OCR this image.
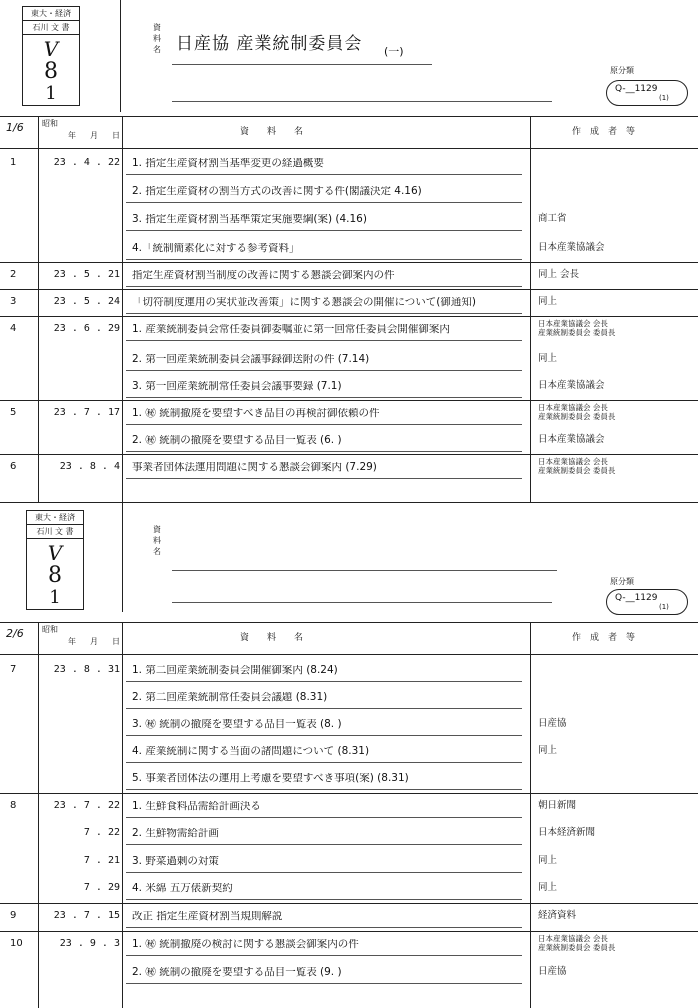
東大・経済
石川 文 書
V
8
1
資料名 日産協 産業統制委員会 (一)
原分類
Q-__1129
(1)
1/6 昭和
年 月 日	資　　料　　名	作　成　者　等
1	23 . 4 . 22 1. 指定生産資材割当基準変更の経過概要
2. 指定生産資材の割当方式の改善に関する件(閣議決定 4.16)
3. 指定生産資材割当基準策定実施要綱(案) (4.16)	商工省
4.「統制簡素化に対する参考資料」	日本産業協議会
2	23 . 5 . 21 指定生産資材割当制度の改善に関する懇談会御案内の件	同上 会長
3	23 . 5 . 24 「切符制度運用の実状並改善策」に関する懇談会の開催について(御通知)	同上
4	23 . 6 . 29 1. 産業統制委員会常任委員御委嘱並に第一回常任委員会開催御案内	日本産業協議会 会長
産業統制委員会 委員長
2. 第一回産業統制委員会議事録御送附の件 (7.14)	同上
3. 第一回産業統制常任委員会議事要録 (7.1)	日本産業協議会
5	23 . 7 . 17 1. ㊙ 統制撤廃を要望すべき品目の再検討御依頼の件	日本産業協議会 会長
産業統制委員会 委員長
2. ㊙ 統制の撤廃を要望する品目一覧表 (6. )	日本産業協議会
6	23 . 8 . 4 事業者団体法運用問題に関する懇談会御案内 (7.29)	日本産業協議会 会長
産業統制委員会 委員長
東大・経済
石川 文 書
V
8
1
資料名
原分類
Q-__1129
(1)
2/6 昭和
年 月 日	資　　料　　名	作　成　者　等
7	23 . 8 . 31 1. 第二回産業統制委員会開催御案内 (8.24)
2. 第二回産業統制常任委員会議題 (8.31)
3. ㊙ 統制の撤廃を要望する品目一覧表 (8. )	日産協
4. 産業統制に関する当面の諸問題について (8.31)	同上
5. 事業者団体法の運用上考慮を要望すべき事項(案) (8.31)
8	23 . 7 . 22 1. 生鮮食料品需給計画決る	朝日新聞
7 . 22 2. 生鮮物需給計画	日本経済新聞
7 . 21 3. 野菜過剰の対策	同上
7 . 29 4. 米綿 五万俵新契約	同上
9	23 . 7 . 15 改正 指定生産資材割当規則解説	経済資料
10	23 . 9 . 3 1. ㊙ 統制撤廃の検討に関する懇談会御案内の件	日本産業協議会 会長
産業統制委員会 委員長
2. ㊙ 統制の撤廃を要望する品目一覧表 (9. )	日産協
